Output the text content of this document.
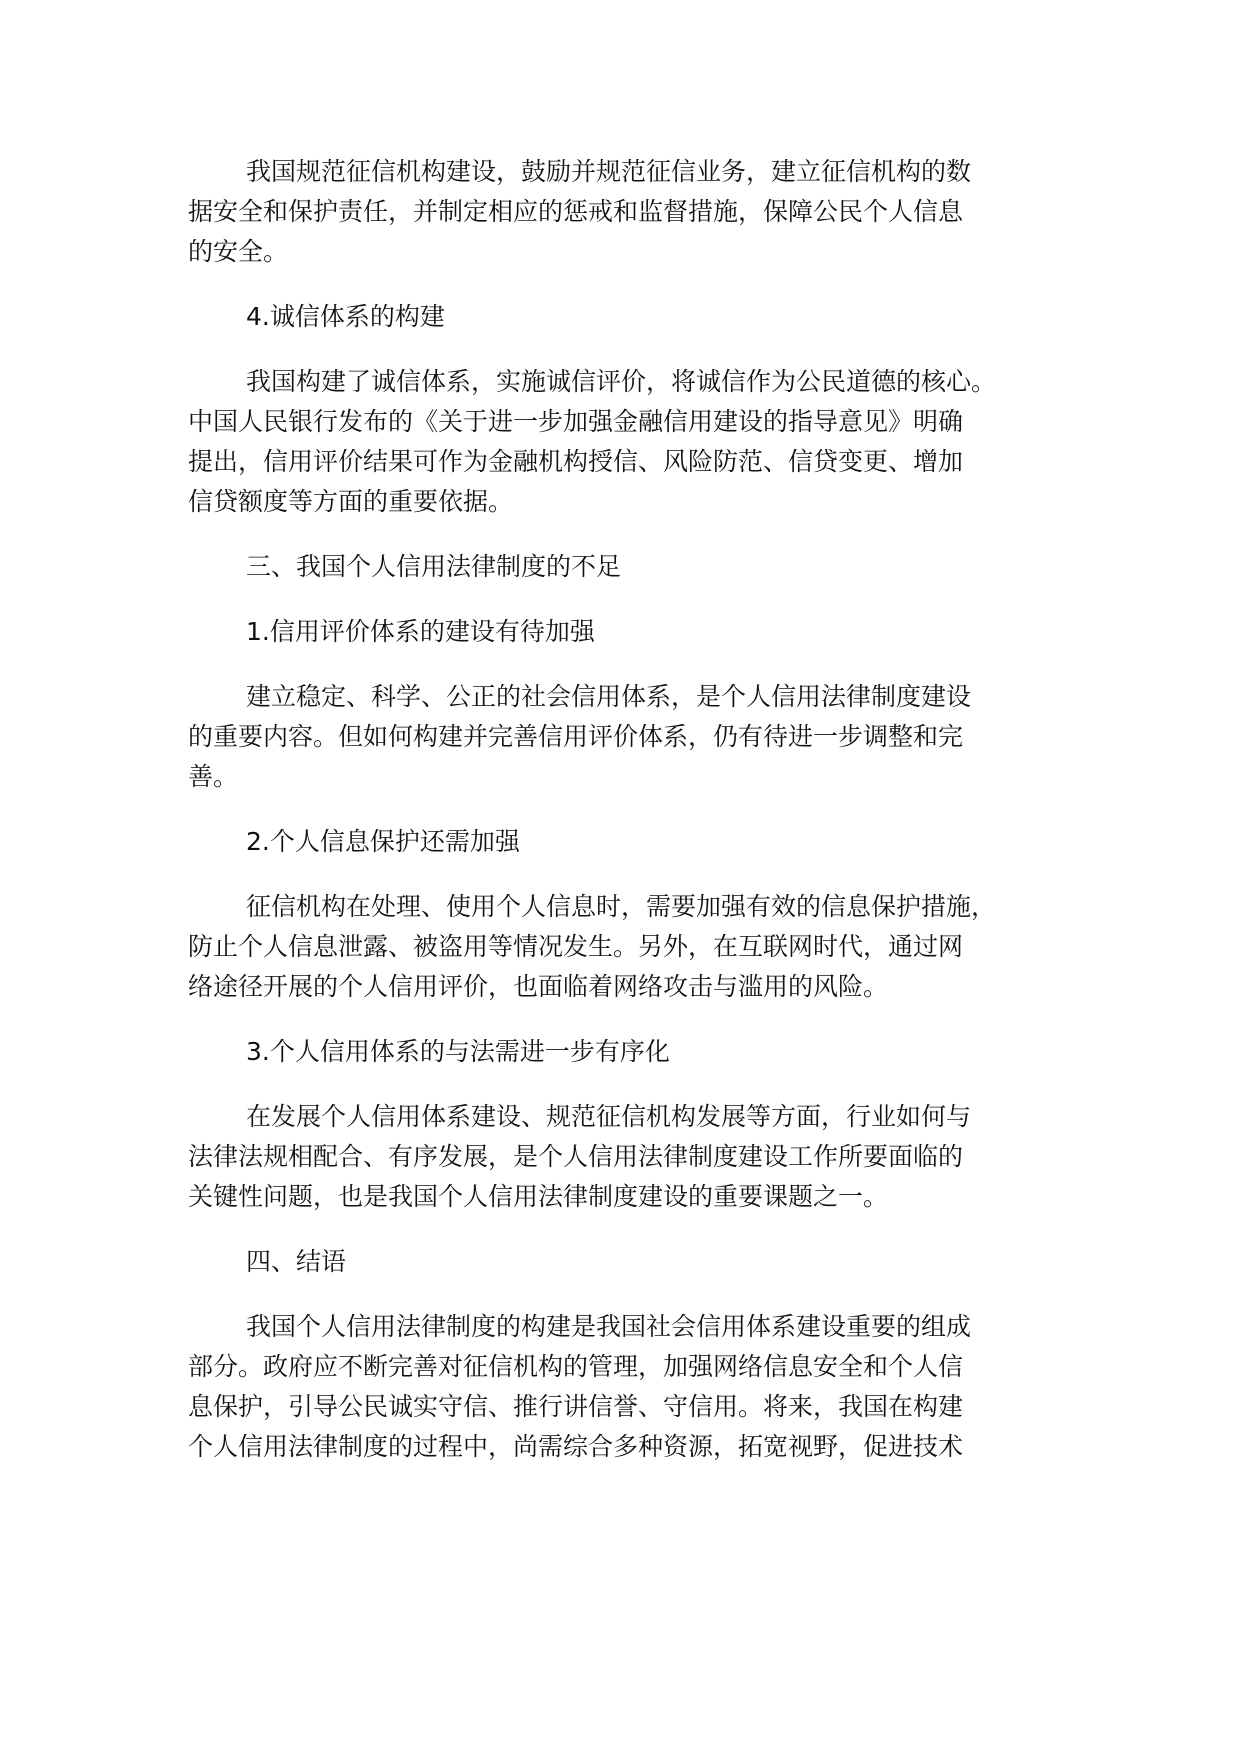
我国规范征信机构建设，鼓励并规范征信业务，建立征信机构的数
据安全和保护责任，并制定相应的惩戒和监督措施，保障公民个人信息
的安全。
4.诚信体系的构建
我国构建了诚信体系，实施诚信评价，将诚信作为公民道德的核心。
中国人民银行发布的《关于进一步加强金融信用建设的指导意见》明确
提出，信用评价结果可作为金融机构授信、风险防范、信贷变更、增加
信贷额度等方面的重要依据。
三、我国个人信用法律制度的不足
1.信用评价体系的建设有待加强
建立稳定、科学、公正的社会信用体系，是个人信用法律制度建设
的重要内容。但如何构建并完善信用评价体系，仍有待进一步调整和完
善。
2.个人信息保护还需加强
征信机构在处理、使用个人信息时，需要加强有效的信息保护措施，
防止个人信息泄露、被盗用等情况发生。另外，在互联网时代，通过网
络途径开展的个人信用评价，也面临着网络攻击与滥用的风险。
3.个人信用体系的与法需进一步有序化
在发展个人信用体系建设、规范征信机构发展等方面，行业如何与
法律法规相配合、有序发展，是个人信用法律制度建设工作所要面临的
关键性问题，也是我国个人信用法律制度建设的重要课题之一。
四、结语
我国个人信用法律制度的构建是我国社会信用体系建设重要的组成
部分。政府应不断完善对征信机构的管理，加强网络信息安全和个人信
息保护，引导公民诚实守信、推行讲信誉、守信用。将来，我国在构建
个人信用法律制度的过程中，尚需综合多种资源，拓宽视野，促进技术
